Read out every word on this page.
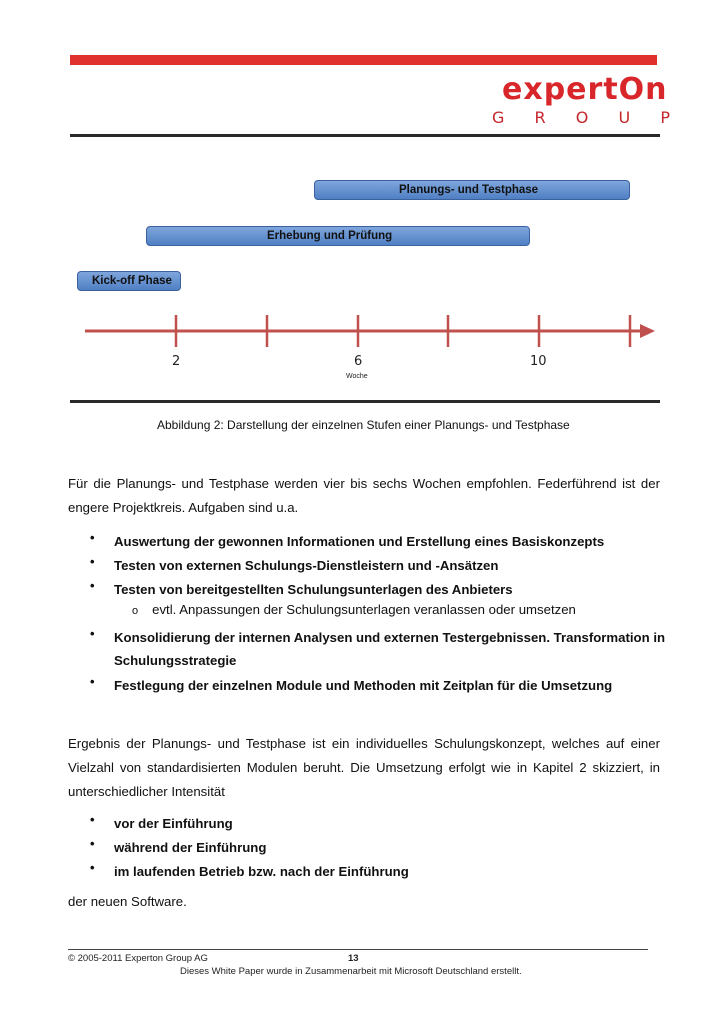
expertOn
G R O U P
Planungs- und Testphase
Erhebung und Prüfung
Kick-off Phase
2	6	10
Woche
Abbildung 2: Darstellung der einzelnen Stufen einer Planungs- und Testphase
Für die Planungs- und Testphase werden vier bis sechs Wochen empfohlen. Federführend ist der
engere Projektkreis. Aufgaben sind u.a.
• Auswertung der gewonnen Informationen und Erstellung eines Basiskonzepts
• Testen von externen Schulungs-Dienstleistern und -Ansätzen
• Testen von bereitgestellten Schulungsunterlagen des Anbieters
o evtl. Anpassungen der Schulungsunterlagen veranlassen oder umsetzen
• Konsolidierung der internen Analysen und externen Testergebnissen. Transformation in Schulungsstrategie
• Festlegung der einzelnen Module und Methoden mit Zeitplan für die Umsetzung
Ergebnis der Planungs- und Testphase ist ein individuelles Schulungskonzept, welches auf einer
Vielzahl von standardisierten Modulen beruht. Die Umsetzung erfolgt wie in Kapitel 2 skizziert, in
unterschiedlicher Intensität
• vor der Einführung
• während der Einführung
• im laufenden Betrieb bzw. nach der Einführung
der neuen Software.
© 2005-2011 Experton Group AG	13
Dieses White Paper wurde in Zusammenarbeit mit Microsoft Deutschland erstellt.
